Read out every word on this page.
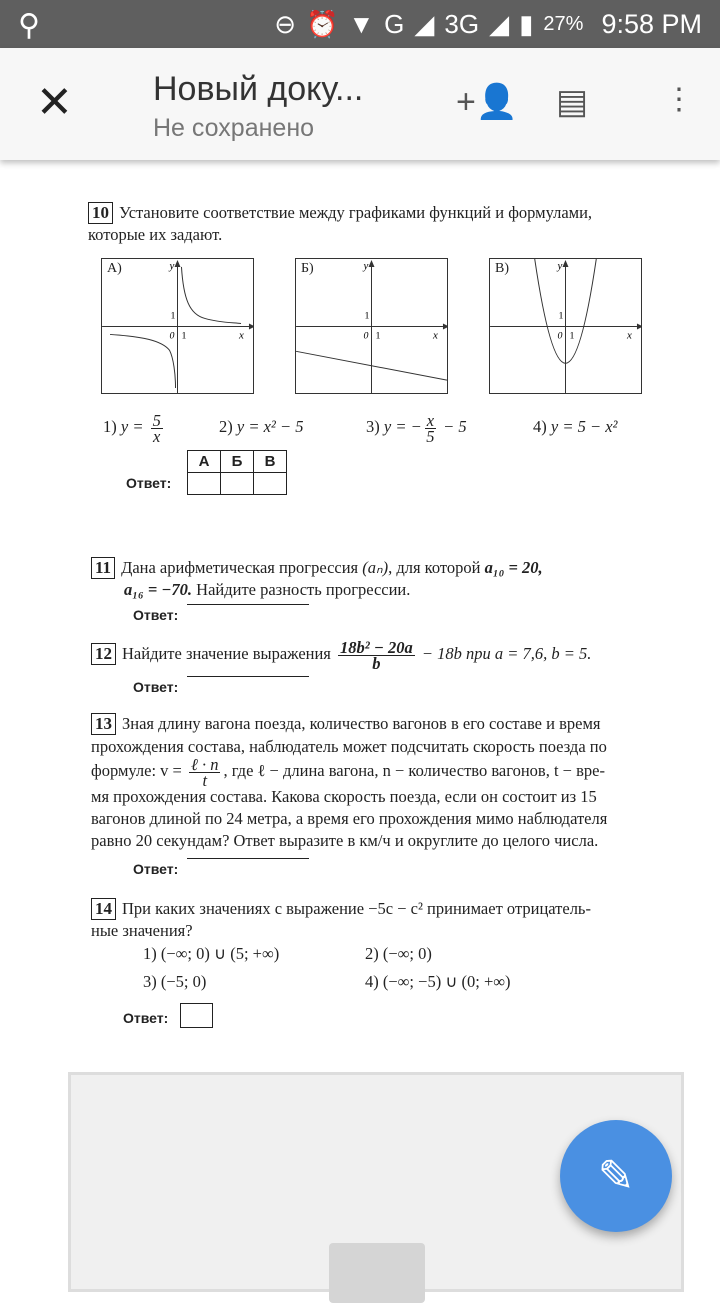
⚲	⊖ ⏰ ▼ G ◢ 3G ◢ ▮ 27% 9:58 PM
✕ Новый доку...
Не сохранено
+👤 ▤	⋮
10 Установите соответствие между графиками функций и формулами,
которые их задают.
А)	y
x
0 1
1
Б)	y
x
0 1
1
В)	y
x
0 1
1
1) $y = \frac{5}{x}$	2) y = x² − 5	3) y = − $\frac{x}{5} - 5$	4) y = 5 − x²
Ответ:
А	Б	В

11 Дана арифметическая прогрессия (aₙ), для которой a₁₀ = 20,
a₁₆ = −70. Найдите разность прогрессии.
Ответ:
12 Найдите значение выражения $\frac{\text{18b² − 20a}}{b} - 18b$ при a = 7,6, b = 5.
Ответ:
13 Зная длину вагона поезда, количество вагонов в его составе и время
прохождения состава, наблюдатель может подсчитать скорость поезда по
формуле: $v = \frac{\text{ℓ · n}}{t}$ , где ℓ − длина вагона, n − количество вагонов, t − вре-
мя прохождения состава. Какова скорость поезда, если он состоит из 15
вагонов длиной по 24 метра, а время его прохождения мимо наблюдателя
равно 20 секундам? Ответ выразите в км/ч и округлите до целого числа.
Ответ:
14 При каких значениях c выражение −5c − c² принимает отрицатель-
ные значения?
1) (−∞; 0) ∪ (5; +∞)	2) (−∞; 0)
3) (−5; 0)	4) (−∞; −5) ∪ (0; +∞)
Ответ:
✎
